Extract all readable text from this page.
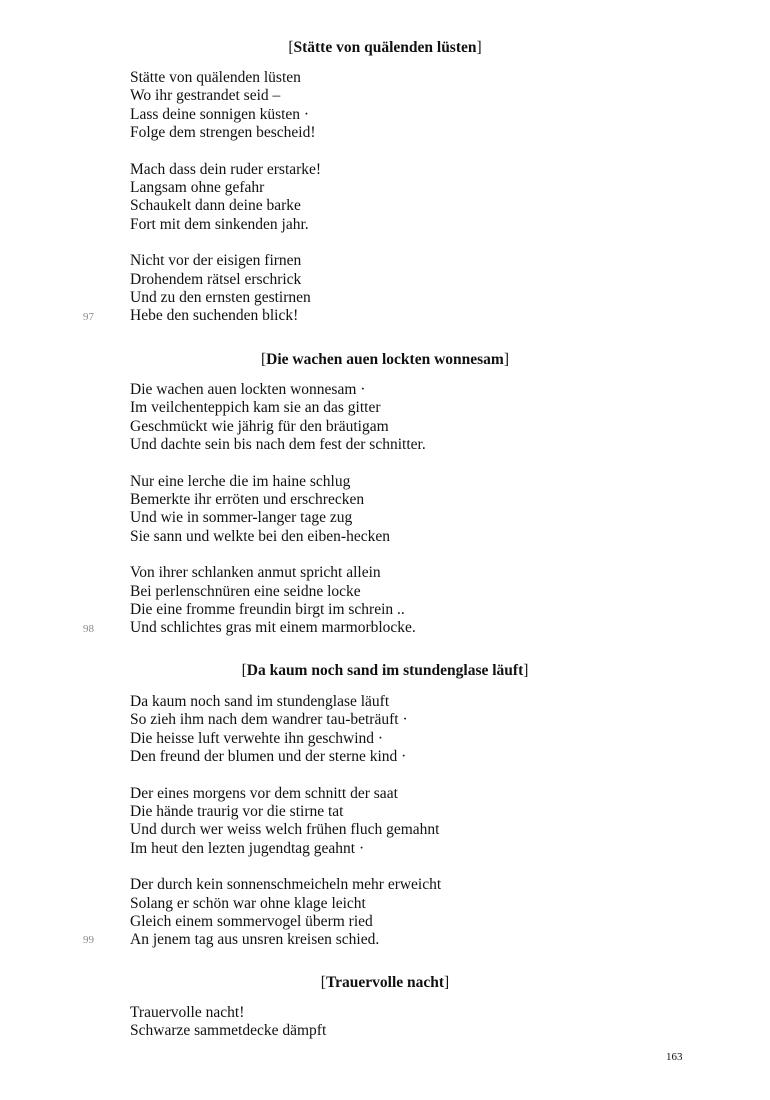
[Stätte von quälenden lüsten]
Stätte von quälenden lüsten
Wo ihr gestrandet seid –
Lass deine sonnigen küsten ·
Folge dem strengen bescheid!
Mach dass dein ruder erstarke!
Langsam ohne gefahr
Schaukelt dann deine barke
Fort mit dem sinkenden jahr.
Nicht vor der eisigen firnen
Drohendem rätsel erschrick
Und zu den ernsten gestirnen
Hebe den suchenden blick!
97
[Die wachen auen lockten wonnesam]
Die wachen auen lockten wonnesam ·
Im veilchenteppich kam sie an das gitter
Geschmückt wie jährig für den bräutigam
Und dachte sein bis nach dem fest der schnitter.
Nur eine lerche die im haine schlug
Bemerkte ihr erröten und erschrecken
Und wie in sommer-langer tage zug
Sie sann und welkte bei den eiben-hecken
Von ihrer schlanken anmut spricht allein
Bei perlenschnüren eine seidne locke
Die eine fromme freundin birgt im schrein ..
Und schlichtes gras mit einem marmorblocke.
98
[Da kaum noch sand im stundenglase läuft]
Da kaum noch sand im stundenglase läuft
So zieh ihm nach dem wandrer tau-beträuft ·
Die heisse luft verwehte ihn geschwind ·
Den freund der blumen und der sterne kind ·
Der eines morgens vor dem schnitt der saat
Die hände traurig vor die stirne tat
Und durch wer weiss welch frühen fluch gemahnt
Im heut den lezten jugendtag geahnt ·
Der durch kein sonnenschmeicheln mehr erweicht
Solang er schön war ohne klage leicht
Gleich einem sommervogel überm ried
An jenem tag aus unsren kreisen schied.
99
[Trauervolle nacht]
Trauervolle nacht!
Schwarze sammetdecke dämpft
163
